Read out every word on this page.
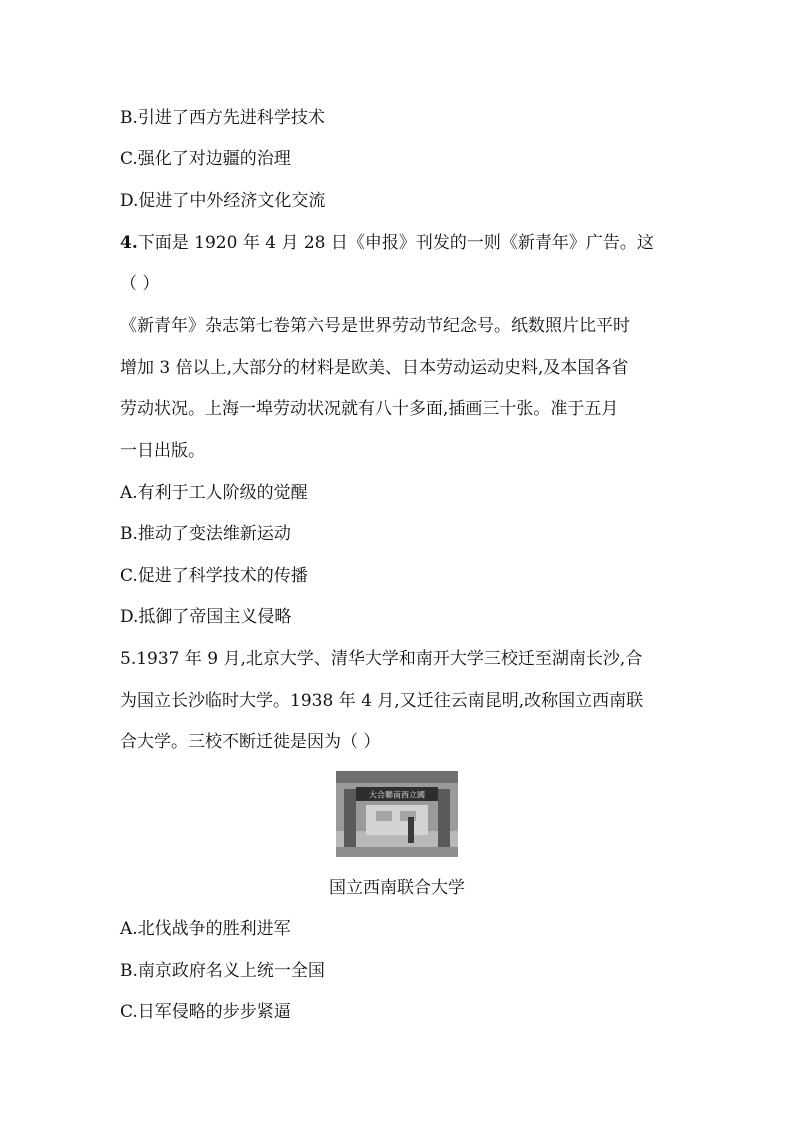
B.引进了西方先进科学技术
C.强化了对边疆的治理
D.促进了中外经济文化交流
4.下面是 1920 年 4 月 28 日《申报》刊发的一则《新青年》广告。这
（ ）
《新青年》杂志第七卷第六号是世界劳动节纪念号。纸数照片比平时
增加 3 倍以上,大部分的材料是欧美、日本劳动运动史料,及本国各省
劳动状况。上海一埠劳动状况就有八十多面,插画三十张。准于五月
一日出版。
A.有利于工人阶级的觉醒
B.推动了变法维新运动
C.促进了科学技术的传播
D.抵御了帝国主义侵略
5.1937 年 9 月,北京大学、清华大学和南开大学三校迁至湖南长沙,合
为国立长沙临时大学。1938 年 4 月,又迁往云南昆明,改称国立西南联
合大学。三校不断迁徙是因为（ ）
大合聯南西立國
国立西南联合大学
A.北伐战争的胜利进军
B.南京政府名义上统一全国
C.日军侵略的步步紧逼
